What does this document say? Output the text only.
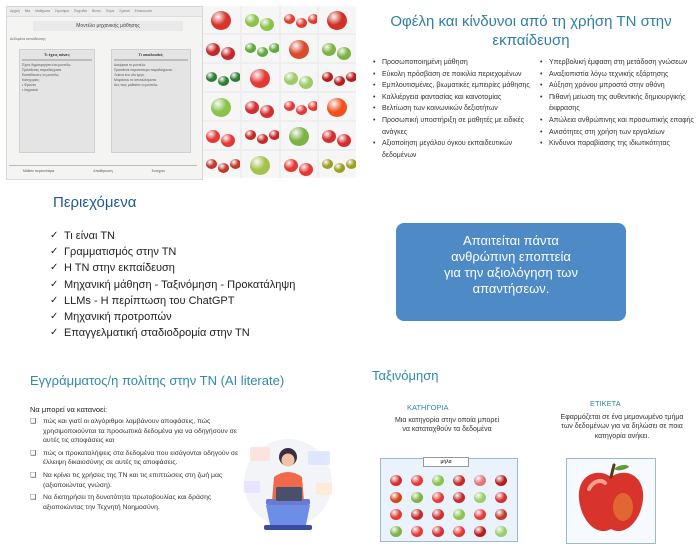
Αρχική Νέα Μαθήματα Σεμινάρια Παιχνίδια Βίντεο Πόροι Σχετικά Επικοινωνία
Μοντέλο μηχανικής μάθησης
Δεδομένα εκπαίδευσης
Τι έχεις κάνει;
Έχεις δημιουργήσει ένα μοντέλο.
Πρόσθεσες παραδείγματα.
Εκπαίδευσες το μοντέλο.
Κατηγορίες:
• Φρούτα
• Λαχανικά
Τι ακολουθεί;
Δοκίμασε το μοντέλο.
Πρόσθεσε περισσότερα παραδείγματα.
Ξεκίνα ένα νέο έργο.
Μοιράσου τα αποτελέσματα.
Δες πώς μαθαίνει το μοντέλο.
Μάθετε περισσότερα	Αποθήκευση	Συνέχεια
Οφέλη και κίνδυνοι από τη χρήση ΤΝ στην εκπαίδευση
• Προσωποποιημένη μάθηση
• Εύκολη πρόσβαση σε ποικιλία περιεχομένων
• Εμπλουτισμένες, βιωματικές εμπειρίες μάθησης
• Καλλιέργεια φαντασίας και καινοτομίας
• Βελτίωση των κοινωνικών δεξιοτήτων
• Προσωπική υποστήριξη σε μαθητές με ειδικές ανάγκες
• Αξιοποίηση μεγάλου όγκου εκπαιδευτικών δεδομένων
• Υπερβολική έμφαση στη μετάδοση γνώσεων
• Αναξιοπιστία λόγω τεχνικής εξάρτησης
• Αύξηση χρόνου μπροστά στην οθόνη
• Πιθανή μείωση της αυθεντικής δημιουργικής έκφρασης
• Απώλεια ανθρώπινης και προσωπικής επαφής
• Ανισότητες στη χρήση των εργαλείων
• Κίνδυνοι παραβίασης της ιδιωτικότητας
Περιεχόμενα
✓ Τι είναι ΤΝ
✓ Γραμματισμός στην ΤΝ
✓ Η ΤΝ στην εκπαίδευση
✓ Μηχανική μάθηση - Ταξινόμηση - Προκατάληψη
✓ LLMs - Η περίπτωση του ChatGPT
✓ Μηχανική προτροπών
✓ Επαγγελματική σταδιοδρομία στην ΤΝ
Απαιτείται πάντα
ανθρώπινη εποπτεία
για την αξιολόγηση των
απαντήσεων.
Εγγράμματος/η πολίτης στην ΤΝ (AI literate)
Να μπορεί να κατανοεί:
❑ πώς και γιατί οι αλγόριθμοι λαμβάνουν αποφάσεις, πώς χρησιμοποιούνται τα προσωπικά δεδομένα για να οδηγήσουν σε αυτές τις αποφάσεις και
❑ πώς οι προκαταλήψεις στα δεδομένα που εισάγονται οδηγούν σε έλλειψη δικαιοσύνης σε αυτές τις αποφάσεις.
❑ Να κρίνει τις χρήσεις της ΤΝ και τις επιπτώσεις στη ζωή μας (αξιοποιώντας γνώση).
❑ Να διατηρήσει τη δυνατότητα πρωτοβουλίας και δράσης αξιοποιώντας την Τεχνητή Νοημοσύνη.
Ταξινόμηση
ΚΑΤΗΓΟΡΙΑ
Μια κατηγορία στην οποία μπορεί
να καταταχθούν τα δεδομένα
ΕΤΙΚΕΤΑ
Εφαρμόζεται σε ένα μεμονωμένο τμήμα
των δεδομένων για να δηλώσει σε ποια
κατηγορία ανήκει.
μήλα
